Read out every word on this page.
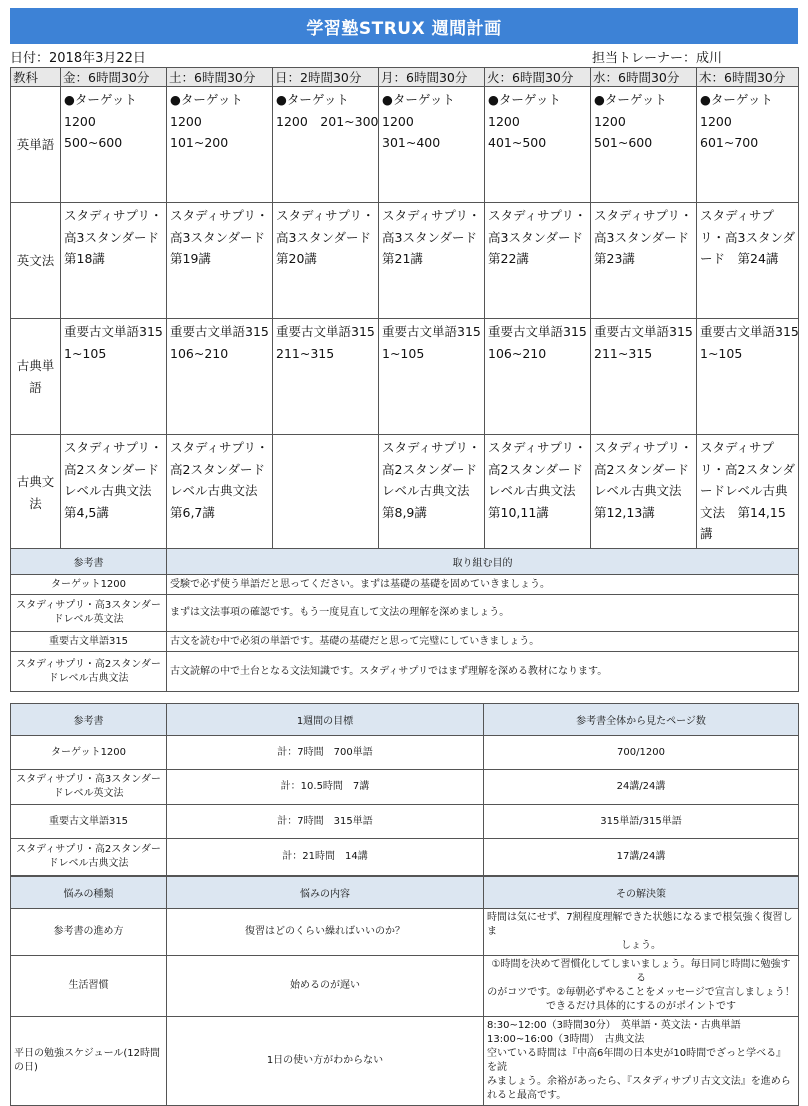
学習塾STRUX 週間計画
日付：2018年3月22日	担当トレーナー：成川
教科	金：6時間30分	土：6時間30分	日：2時間30分	月：6時間30分	火：6時間30分	水：6時間30分	木：6時間30分
英単語	●ターゲット
1200
500~600	●ターゲット
1200
101~200	●ターゲット
1200　201~300	●ターゲット
1200
301~400	●ターゲット
1200
401~500	●ターゲット
1200
501~600	●ターゲット
1200
601~700

英文法	スタディサプリ・高3スタンダード　第18講	スタディサプリ・高3スタンダード　第19講	スタディサプリ・高3スタンダード　第20講	スタディサプリ・高3スタンダード　第21講	スタディサプリ・高3スタンダード　第22講	スタディサプリ・高3スタンダード　第23講	スタディサプリ・高3スタンダード　第24講

古典単
語	重要古文単語315
1~105	重要古文単語315
106~210	重要古文単語315
211~315	重要古文単語315
1~105	重要古文単語315
106~210	重要古文単語315
211~315	重要古文単語315
1~105

古典文
法	スタディサプリ・高2スタンダードレベル古典文法　第4,5講	スタディサプリ・高2スタンダードレベル古典文法　第6,7講		スタディサプリ・高2スタンダードレベル古典文法　第8,9講	スタディサプリ・高2スタンダードレベル古典文法　第10,11講	スタディサプリ・高2スタンダードレベル古典文法　第12,13講	スタディサプリ・高2スタンダードレベル古典文法　第14,15講
参考書	取り組む目的
ターゲット1200	受験で必ず使う単語だと思ってください。まずは基礎の基礎を固めていきましょう。

スタディサプリ・高3スタンダー
ドレベル英文法	まずは文法事項の確認です。もう一度見直して文法の理解を深めましょう。
重要古文単語315	古文を読む中で必須の単語です。基礎の基礎だと思って完璧にしていきましょう。

スタディサプリ・高2スタンダー
ドレベル古典文法	古文読解の中で土台となる文法知識です。スタディサプリではまず理解を深める教材になります。
参考書	1週間の目標	参考書全体から見たページ数
ターゲット1200	計：7時間　700単語	700/1200

スタディサプリ・高3スタンダー
ドレベル英文法	計：10.5時間　7講	24講/24講
重要古文単語315	計：7時間　315単語	315単語/315単語

スタディサプリ・高2スタンダー
ドレベル古典文法	計：21時間　14講	17講/24講
悩みの種類	悩みの内容	その解決策
参考書の進め方	復習はどのくらい繰ればいいのか？	時間は気にせず、7割程度理解できた状態になるまで根気強く復習しま
しょう。

生活習慣	始めるのが遅い	①時間を決めて習慣化してしまいましょう。毎日同じ時間に勉強する
のがコツです。②毎朝必ずやることをメッセージで宣言しましょう！
できるだけ具体的にするのがポイントです

平日の勉強スケジュール(12時間
の日)	1日の使い方がわからない	8:30~12:00（3時間30分）　英単語・英文法・古典単語
13:00~16:00（3時間）　古典文法
空いている時間は『中高6年間の日本史が10時間でざっと学べる』を読
みましょう。余裕があったら、『スタディサプリ古文文法』を進めら
れると最高です。
